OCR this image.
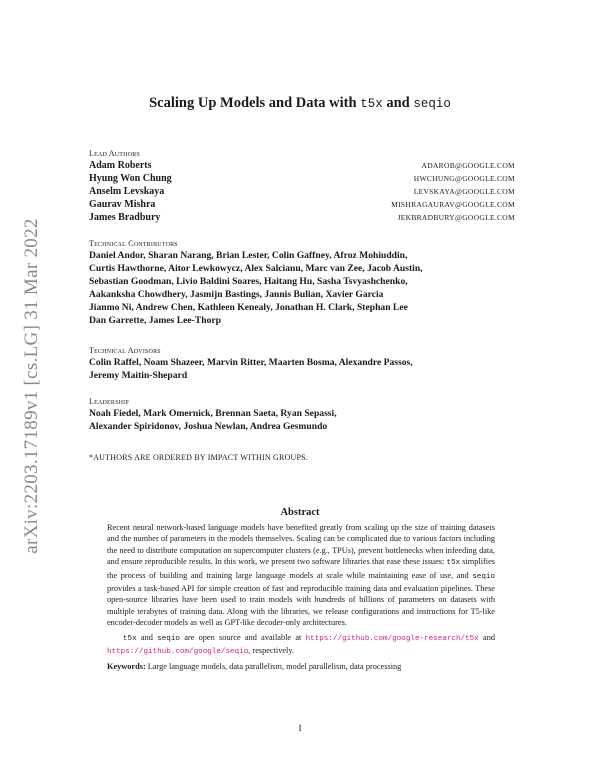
arXiv:2203.17189v1 [cs.LG] 31 Mar 2022
Scaling Up Models and Data with t5x and seqio
Lead Authors
Adam Roberts	ADAROB@GOOGLE.COM
Hyung Won Chung	HWCHUNG@GOOGLE.COM
Anselm Levskaya	LEVSKAYA@GOOGLE.COM
Gaurav Mishra	MISHRAGAURAV@GOOGLE.COM
James Bradbury	JEKBRADBURY@GOOGLE.COM
Technical Contributors
Daniel Andor, Sharan Narang, Brian Lester, Colin Gaffney, Afroz Mohiuddin,
Curtis Hawthorne, Aitor Lewkowycz, Alex Salcianu, Marc van Zee, Jacob Austin,
Sebastian Goodman, Livio Baldini Soares, Haitang Hu, Sasha Tsvyashchenko,
Aakanksha Chowdhery, Jasmijn Bastings, Jannis Bulian, Xavier Garcia
Jianmo Ni, Andrew Chen, Kathleen Kenealy, Jonathan H. Clark, Stephan Lee
Dan Garrette, James Lee-Thorp
Technical Advisors
Colin Raffel, Noam Shazeer, Marvin Ritter, Maarten Bosma, Alexandre Passos,
Jeremy Maitin-Shepard
Leadership
Noah Fiedel, Mark Omernick, Brennan Saeta, Ryan Sepassi,
Alexander Spiridonov, Joshua Newlan, Andrea Gesmundo
*AUTHORS ARE ORDERED BY IMPACT WITHIN GROUPS.
Abstract

Recent neural network-based language models have benefited greatly from scaling up the size of training datasets and the number of parameters in the models themselves. Scaling can be complicated due to various factors including the need to distribute computation on supercomputer clusters (e.g., TPUs), prevent bottlenecks when infeeding data, and ensure reproducible results. In this work, we present two software libraries that ease these issues: t5x simplifies the process of building and training large language models at scale while maintaining ease of use, and seqio provides a task-based API for simple creation of fast and reproducible training data and evaluation pipelines. These open-source libraries have been used to train models with hundreds of billions of parameters on datasets with multiple terabytes of training data. Along with the libraries, we release configurations and instructions for T5-like encoder-decoder models as well as GPT-like decoder-only architectures.

t5x and seqio are open source and available at https://github.com/google-research/t5x and https://github.com/google/seqio, respectively.

Keywords: Large language models, data parallelism, model parallelism, data processing

1
